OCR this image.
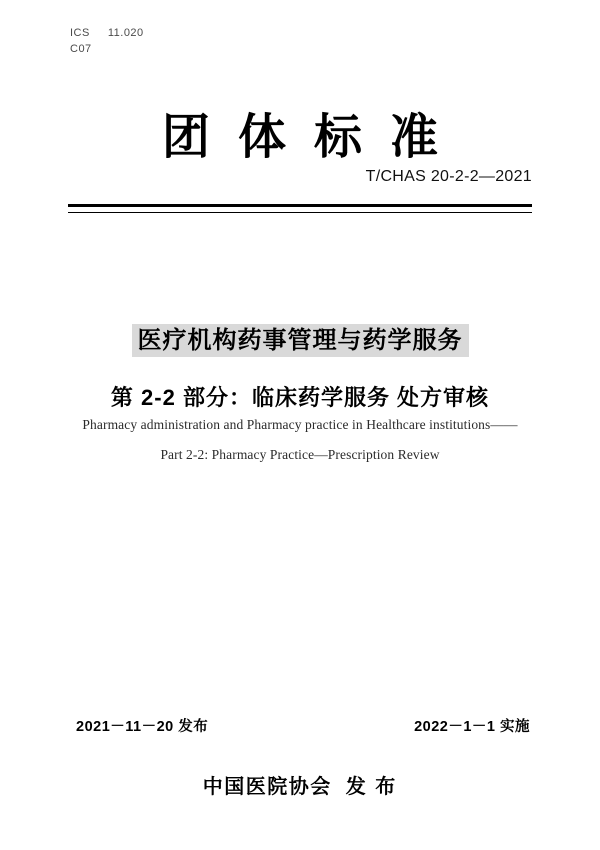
ICS 11.020
C07
团体标准
T/CHAS 20-2-2—2021
医疗机构药事管理与药学服务
第 2-2 部分：临床药学服务 处方审核
Pharmacy administration and Pharmacy practice in Healthcare institutions——
Part 2-2: Pharmacy Practice—Prescription Review
2021－11－20 发布	2022－1－1 实施
中国医院协会 发 布
